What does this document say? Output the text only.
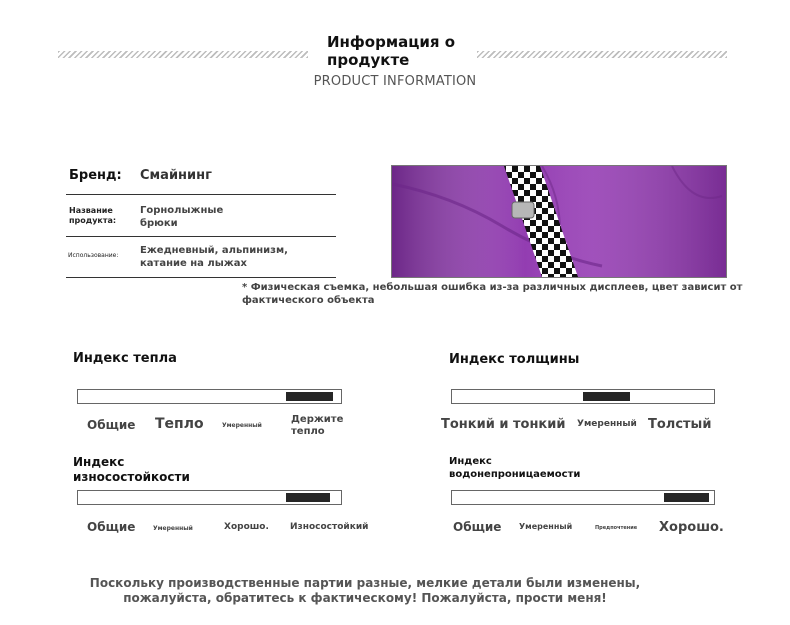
Информация о продукте
PRODUCT INFORMATION
Бренд: Смайнинг
Название продукта:
Горнолыжные брюки
Использование: Ежедневный, альпинизм, катание на лыжах
* Физическая съемка, небольшая ошибка из-за различных дисплеев, цвет зависит от фактического объекта
Индекс тепла
Общие Тепло	Умеренный
Держите тепло
Индекс толщины
Тонкий и тонкий Умеренный Толстый
Индекс износостойкости
Общие	Умеренный	Хорошо. Износостойкий
Индекс водонепроницаемости
Общие Умеренный	Предпочтение Хорошо.
Поскольку производственные партии разные, мелкие детали были изменены, пожалуйста, обратитесь к фактическому! Пожалуйста, прости меня!
